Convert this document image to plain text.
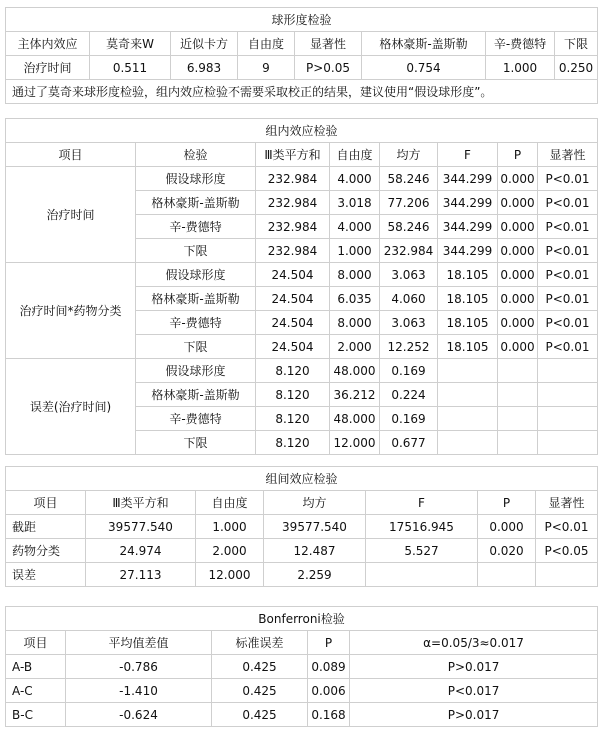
球形度检验							
主体内效应	莫奇来W	近似卡方	自由度	显著性	格林豪斯-盖斯勒	辛-费德特	下限
治疗时间	0.511	6.983	9	P>0.05	0.754	1.000	0.250
通过了莫奇来球形度检验，组内效应检验不需要采取校正的结果，建议使用“假设球形度”。							
组内效应检验							
项目	检验	Ⅲ类平方和	自由度	均方	F	P	显著性
治疗时间	假设球形度	232.984	4.000	58.246	344.299	0.000	P<0.01
	格林豪斯-盖斯勒	232.984	3.018	77.206	344.299	0.000	P<0.01
	辛-费德特	232.984	4.000	58.246	344.299	0.000	P<0.01
	下限	232.984	1.000	232.984	344.299	0.000	P<0.01
治疗时间*药物分类	假设球形度	24.504	8.000	3.063	18.105	0.000	P<0.01
	格林豪斯-盖斯勒	24.504	6.035	4.060	18.105	0.000	P<0.01
	辛-费德特	24.504	8.000	3.063	18.105	0.000	P<0.01
	下限	24.504	2.000	12.252	18.105	0.000	P<0.01
误差(治疗时间)	假设球形度	8.120	48.000	0.169			
	格林豪斯-盖斯勒	8.120	36.212	0.224			
	辛-费德特	8.120	48.000	0.169			
	下限	8.120	12.000	0.677			
组间效应检验						
项目	Ⅲ类平方和	自由度	均方	F	P	显著性
截距	39577.540	1.000	39577.540	17516.945	0.000	P<0.01
药物分类	24.974	2.000	12.487	5.527	0.020	P<0.05
误差	27.113	12.000	2.259			
Bonferroni检验				
项目	平均值差值	标准误差	P	α=0.05/3≈0.017
A-B	-0.786	0.425	0.089	P>0.017
A-C	-1.410	0.425	0.006	P<0.017
B-C	-0.624	0.425	0.168	P>0.017
